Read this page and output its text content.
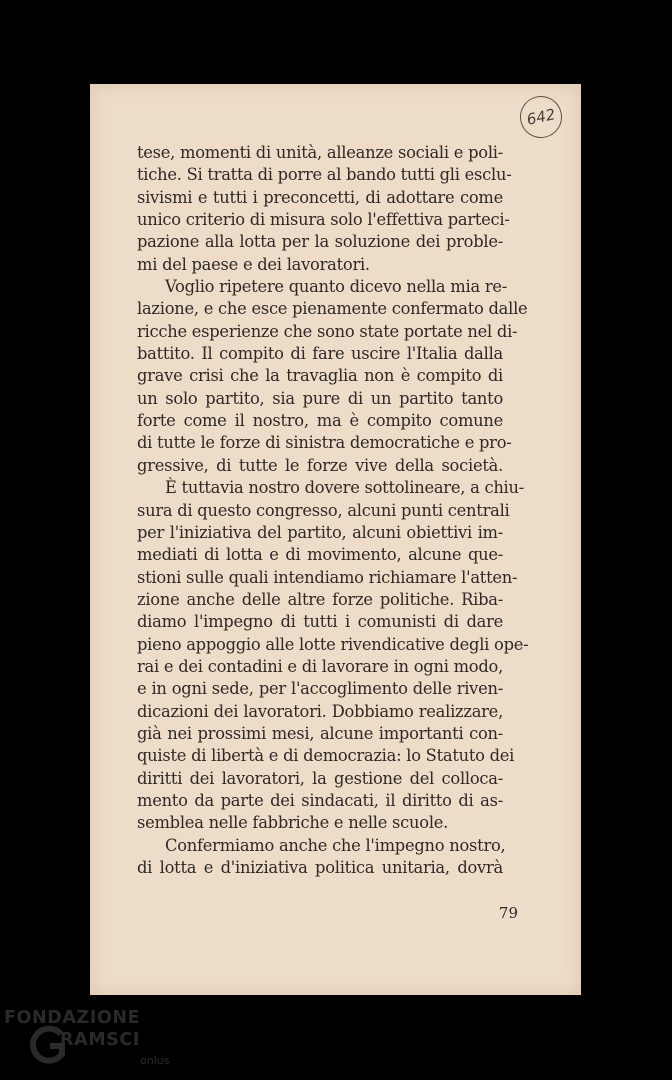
642
tese, momenti di unità, alleanze sociali e poli-
tiche. Si tratta di porre al bando tutti gli esclu-
sivismi e tutti i preconcetti, di adottare come
unico criterio di misura solo l'effettiva parteci-
pazione alla lotta per la soluzione dei proble-
mi del paese e dei lavoratori.
Voglio ripetere quanto dicevo nella mia re-
lazione, e che esce pienamente confermato dalle
ricche esperienze che sono state portate nel di-
battito. Il compito di fare uscire l'Italia dalla
grave crisi che la travaglia non è compito di
un solo partito, sia pure di un partito tanto
forte come il nostro, ma è compito comune
di tutte le forze di sinistra democratiche e pro-
gressive, di tutte le forze vive della società.
È tuttavia nostro dovere sottolineare, a chiu-
sura di questo congresso, alcuni punti centrali
per l'iniziativa del partito, alcuni obiettivi im-
mediati di lotta e di movimento, alcune que-
stioni sulle quali intendiamo richiamare l'atten-
zione anche delle altre forze politiche. Riba-
diamo l'impegno di tutti i comunisti di dare
pieno appoggio alle lotte rivendicative degli ope-
rai e dei contadini e di lavorare in ogni modo,
e in ogni sede, per l'accoglimento delle riven-
dicazioni dei lavoratori. Dobbiamo realizzare,
già nei prossimi mesi, alcune importanti con-
quiste di libertà e di democrazia: lo Statuto dei
diritti dei lavoratori, la gestione del colloca-
mento da parte dei sindacati, il diritto di as-
semblea nelle fabbriche e nelle scuole.
Confermiamo anche che l'impegno nostro,
di lotta e d'iniziativa politica unitaria, dovrà
79
FONDAZIONE
RAMSCI
onlus
